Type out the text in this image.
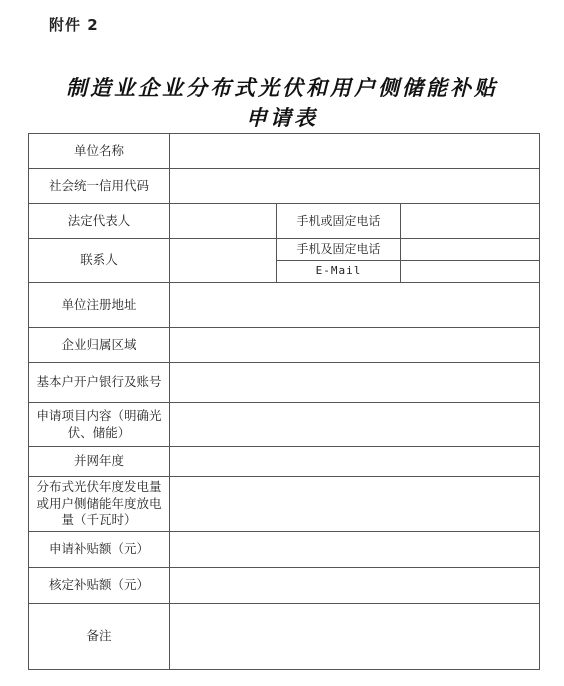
附件 2
制造业企业分布式光伏和用户侧储能补贴
申请表
单位名称			
社会统一信用代码			
法定代表人		手机或固定电话	
联系人		手机及固定电话	
		E-Mail	
单位注册地址			
企业归属区域			
基本户开户银行及账号			
申请项目内容（明确光伏、储能）			
并网年度			
分布式光伏年度发电量或用户侧储能年度放电量（千瓦时）			
申请补贴额（元）			
核定补贴额（元）			
备注			
